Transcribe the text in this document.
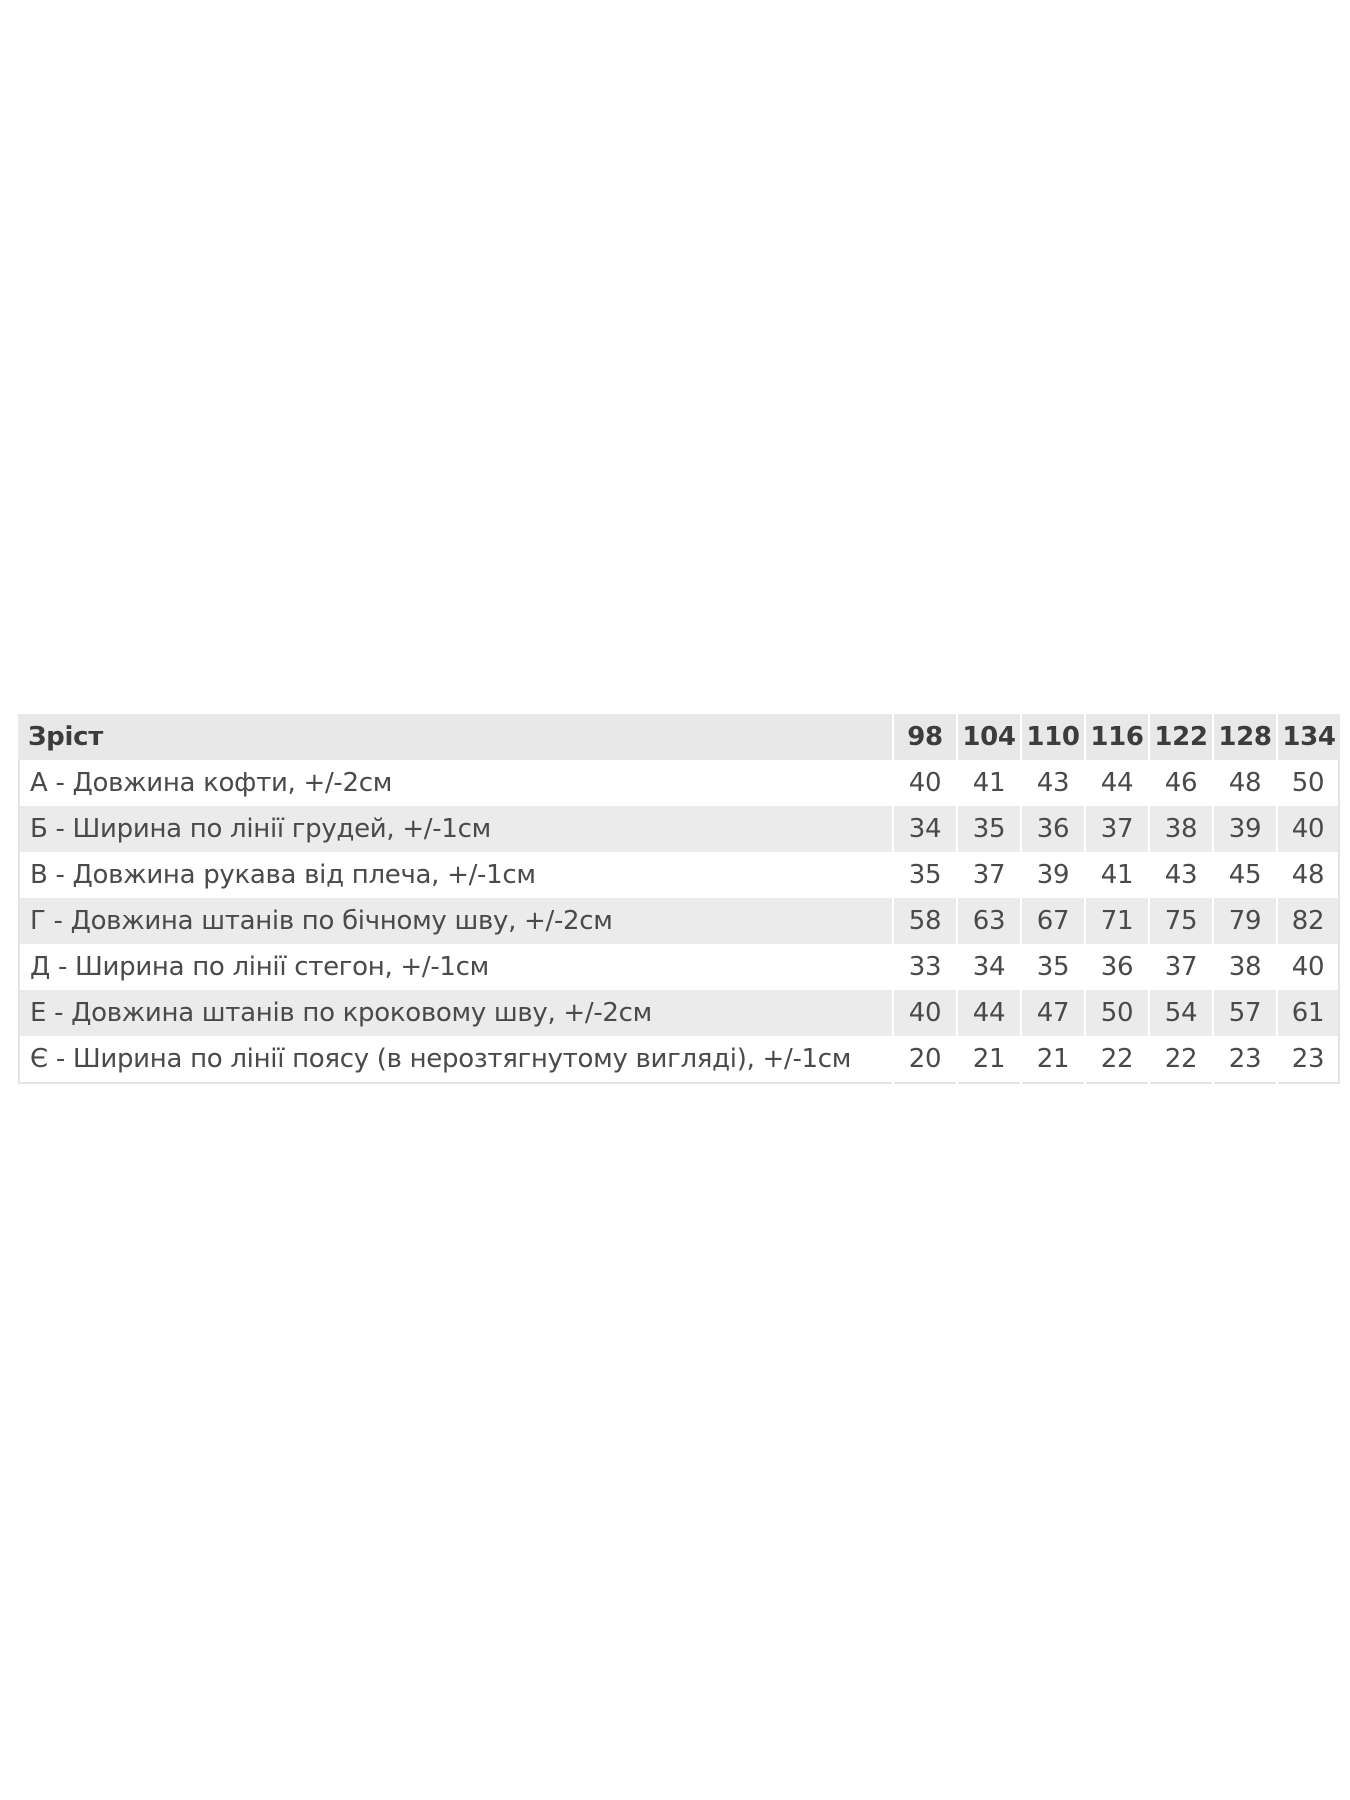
Зріст	98	104	110	116	122	128	134
А - Довжина кофти, +/-2см	40	41	43	44	46	48	50
Б - Ширина по лінії грудей, +/-1см	34	35	36	37	38	39	40
В - Довжина рукава від плеча, +/-1см	35	37	39	41	43	45	48
Г - Довжина штанів по бічному шву, +/-2см	58	63	67	71	75	79	82
Д - Ширина по лінії стегон, +/-1см	33	34	35	36	37	38	40
Е - Довжина штанів по кроковому шву, +/-2см	40	44	47	50	54	57	61
Є - Ширина по лінії поясу (в нерозтягнутому вигляді), +/-1см	20	21	21	22	22	23	23
